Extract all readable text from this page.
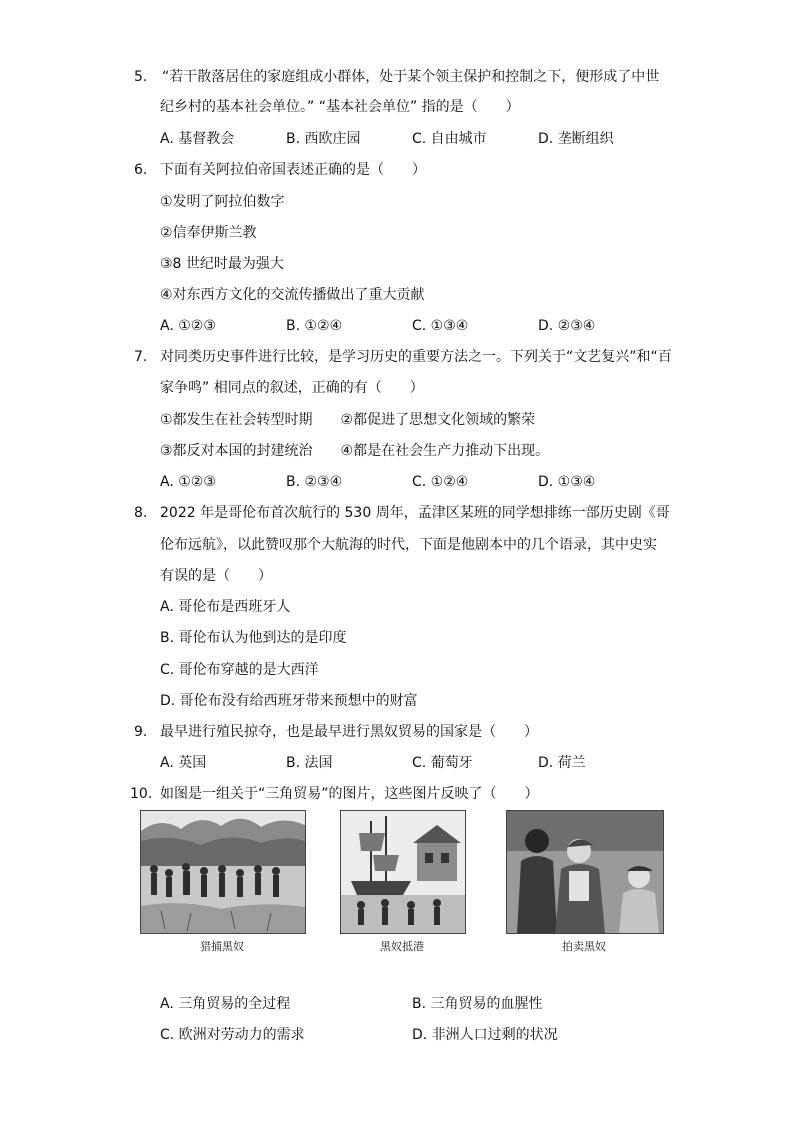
5. “若干散落居住的家庭组成小群体，处于某个领主保护和控制之下，便形成了中世
纪乡村的基本社会单位。” “基本社会单位” 指的是（　　）
A. 基督教会	B. 西欧庄园	C. 自由城市	D. 垄断组织
6. 下面有关阿拉伯帝国表述正确的是（　　）
①发明了阿拉伯数字
②信奉伊斯兰教
③8 世纪时最为强大
④对东西方文化的交流传播做出了重大贡献
A. ①②③	B. ①②④	C. ①③④	D. ②③④
7. 对同类历史事件进行比较，是学习历史的重要方法之一。下列关于“文艺复兴”和“百
家争鸣” 相同点的叙述，正确的有（　　）
①都发生在社会转型时期　　②都促进了思想文化领域的繁荣
③都反对本国的封建统治　　④都是在社会生产力推动下出现。
A. ①②③	B. ②③④	C. ①②④	D. ①③④
8. 2022 年是哥伦布首次航行的 530 周年，孟津区某班的同学想排练一部历史剧《哥
伦布远航》，以此赞叹那个大航海的时代，下面是他剧本中的几个语录，其中史实
有误的是（　　）
A. 哥伦布是西班牙人
B. 哥伦布认为他到达的是印度
C. 哥伦布穿越的是大西洋
D. 哥伦布没有给西班牙带来预想中的财富
9. 最早进行殖民掠夺，也是最早进行黑奴贸易的国家是（　　）
A. 英国	B. 法国	C. 葡萄牙	D. 荷兰
10. 如图是一组关于“三角贸易”的图片，这些图片反映了（　　）
猎捕黑奴	黑奴抵港	拍卖黑奴
A. 三角贸易的全过程	B. 三角贸易的血腥性
C. 欧洲对劳动力的需求	D. 非洲人口过剩的状况
